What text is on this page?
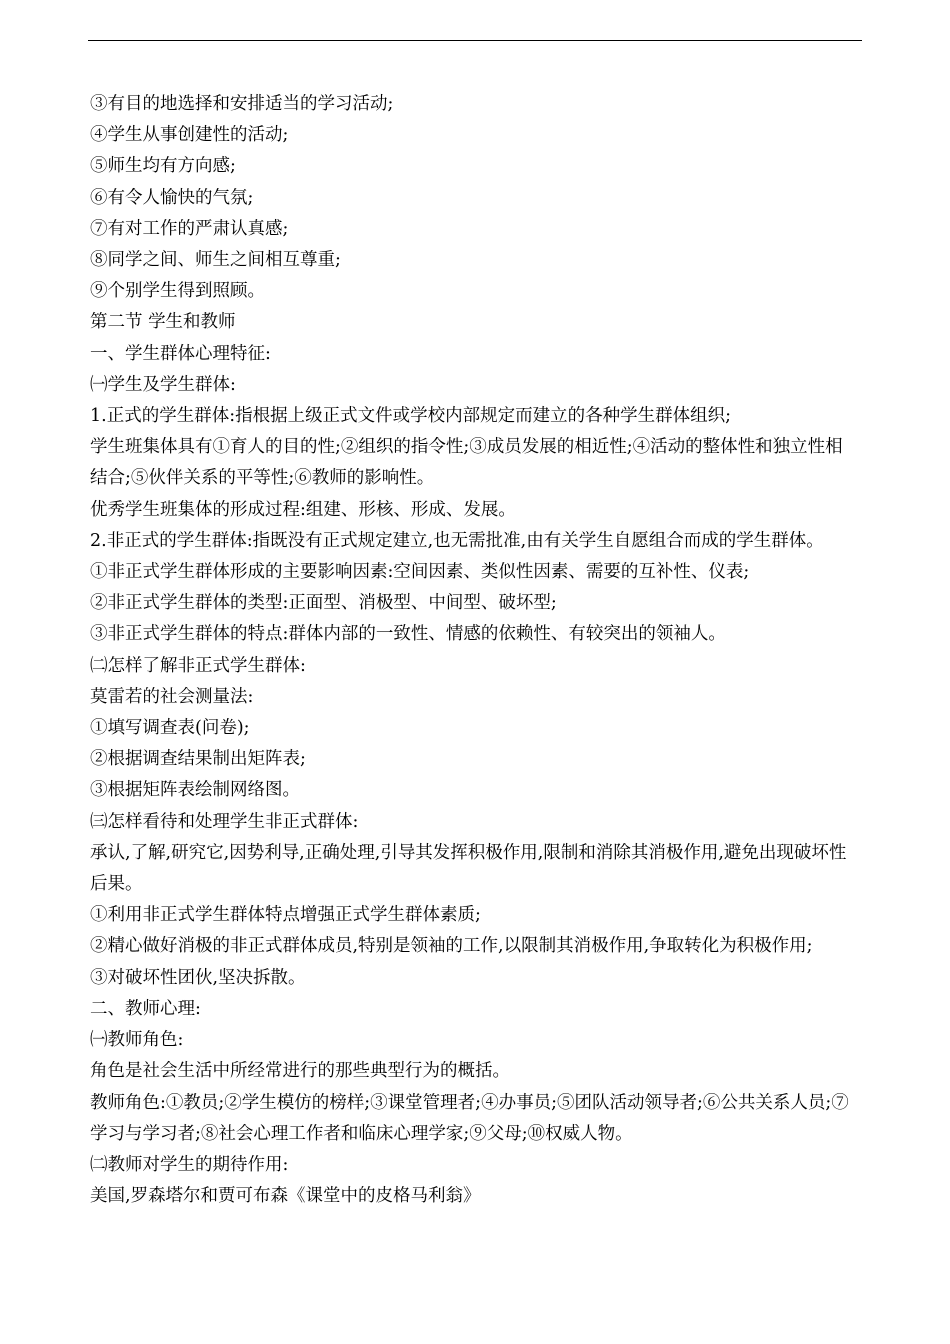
③有目的地选择和安排适当的学习活动;

④学生从事创建性的活动;

⑤师生均有方向感;

⑥有令人愉快的气氛;

⑦有对工作的严肃认真感;

⑧同学之间、师生之间相互尊重;

⑨个别学生得到照顾。

第二节 学生和教师

一、学生群体心理特征:

㈠学生及学生群体:

1.正式的学生群体:指根据上级正式文件或学校内部规定而建立的各种学生群体组织;

学生班集体具有①育人的目的性;②组织的指令性;③成员发展的相近性;④活动的整体性和独立性相结合;⑤伙伴关系的平等性;⑥教师的影响性。

优秀学生班集体的形成过程:组建、形核、形成、发展。

2.非正式的学生群体:指既没有正式规定建立,也无需批准,由有关学生自愿组合而成的学生群体。

①非正式学生群体形成的主要影响因素:空间因素、类似性因素、需要的互补性、仪表;

②非正式学生群体的类型:正面型、消极型、中间型、破坏型;

③非正式学生群体的特点:群体内部的一致性、情感的依赖性、有较突出的领袖人。

㈡怎样了解非正式学生群体:

莫雷若的社会测量法:

①填写调查表(问卷);

②根据调查结果制出矩阵表;

③根据矩阵表绘制网络图。

㈢怎样看待和处理学生非正式群体:

承认,了解,研究它,因势利导,正确处理,引导其发挥积极作用,限制和消除其消极作用,避免出现破坏性后果。

①利用非正式学生群体特点增强正式学生群体素质;

②精心做好消极的非正式群体成员,特别是领袖的工作,以限制其消极作用,争取转化为积极作用;

③对破坏性团伙,坚决拆散。

二、教师心理:

㈠教师角色:

角色是社会生活中所经常进行的那些典型行为的概括。

教师角色:①教员;②学生模仿的榜样;③课堂管理者;④办事员;⑤团队活动领导者;⑥公共关系人员;⑦学习与学习者;⑧社会心理工作者和临床心理学家;⑨父母;⑩权威人物。

㈡教师对学生的期待作用:

美国,罗森塔尔和贾可布森《课堂中的皮格马利翁》
